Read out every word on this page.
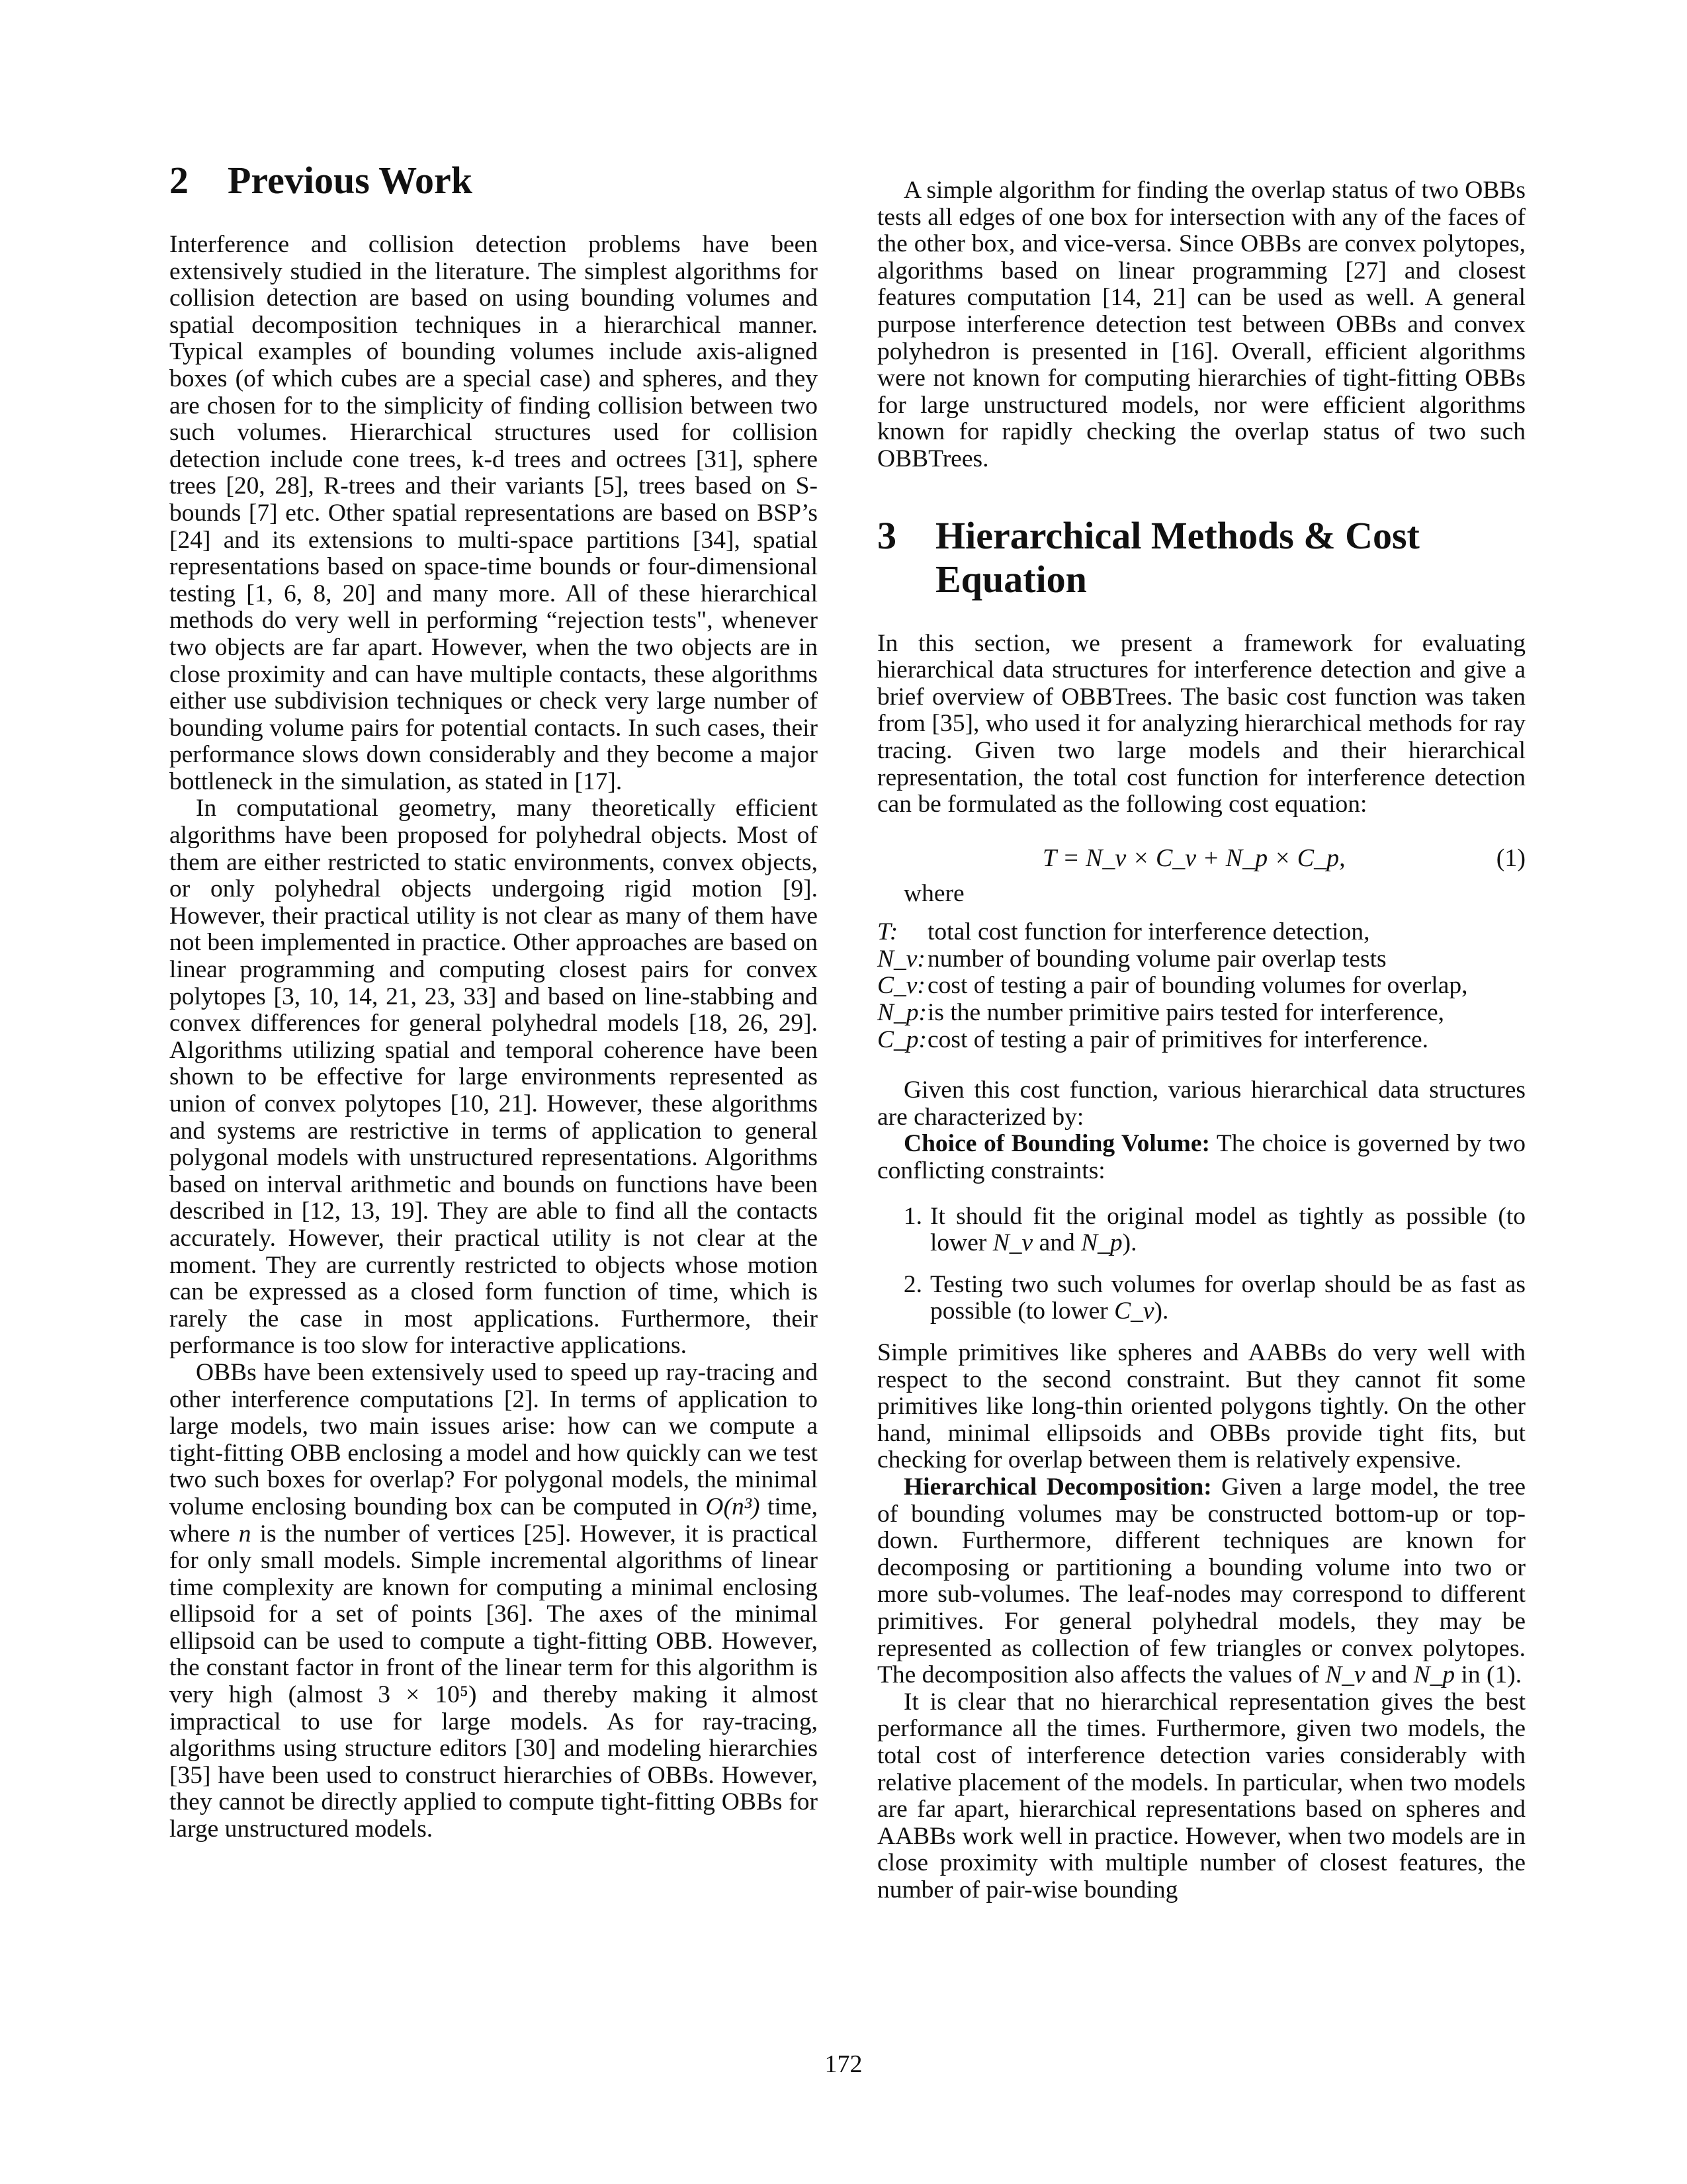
2	Previous Work

Interference and collision detection problems have been extensively studied in the literature. The simplest algorithms for collision detection are based on using bounding volumes and spatial decomposition techniques in a hierarchical manner. Typical examples of bounding volumes include axis-aligned boxes (of which cubes are a special case) and spheres, and they are chosen for to the simplicity of finding collision between two such volumes. Hierarchical structures used for collision detection include cone trees, k-d trees and octrees [31], sphere trees [20, 28], R-trees and their variants [5], trees based on S-bounds [7] etc. Other spatial representations are based on BSP’s [24] and its extensions to multi-space partitions [34], spatial representations based on space-time bounds or four-dimensional testing [1, 6, 8, 20] and many more. All of these hierarchical methods do very well in performing “rejection tests", whenever two objects are far apart. However, when the two objects are in close proximity and can have multiple contacts, these algorithms either use subdivision techniques or check very large number of bounding volume pairs for potential contacts. In such cases, their performance slows down considerably and they become a major bottleneck in the simulation, as stated in [17].

In computational geometry, many theoretically efficient algorithms have been proposed for polyhedral objects. Most of them are either restricted to static environments, convex objects, or only polyhedral objects undergoing rigid motion [9]. However, their practical utility is not clear as many of them have not been implemented in practice. Other approaches are based on linear programming and computing closest pairs for convex polytopes [3, 10, 14, 21, 23, 33] and based on line-stabbing and convex differences for general polyhedral models [18, 26, 29]. Algorithms utilizing spatial and temporal coherence have been shown to be effective for large environments represented as union of convex polytopes [10, 21]. However, these algorithms and systems are restrictive in terms of application to general polygonal models with unstructured representations. Algorithms based on interval arithmetic and bounds on functions have been described in [12, 13, 19]. They are able to find all the contacts accurately. However, their practical utility is not clear at the moment. They are currently restricted to objects whose motion can be expressed as a closed form function of time, which is rarely the case in most applications. Furthermore, their performance is too slow for interactive applications.

OBBs have been extensively used to speed up ray-tracing and other interference computations [2]. In terms of application to large models, two main issues arise: how can we compute a tight-fitting OBB enclosing a model and how quickly can we test two such boxes for overlap? For polygonal models, the minimal volume enclosing bounding box can be computed in O(n³) time, where n is the number of vertices [25]. However, it is practical for only small models. Simple incremental algorithms of linear time complexity are known for computing a minimal enclosing ellipsoid for a set of points [36]. The axes of the minimal ellipsoid can be used to compute a tight-fitting OBB. However, the constant factor in front of the linear term for this algorithm is very high (almost 3 × 10⁵) and thereby making it almost impractical to use for large models. As for ray-tracing, algorithms using structure editors [30] and modeling hierarchies [35] have been used to construct hierarchies of OBBs. However, they cannot be directly applied to compute tight-fitting OBBs for large unstructured models.

A simple algorithm for finding the overlap status of two OBBs tests all edges of one box for intersection with any of the faces of the other box, and vice-versa. Since OBBs are convex polytopes, algorithms based on linear programming [27] and closest features computation [14, 21] can be used as well. A general purpose interference detection test between OBBs and convex polyhedron is presented in [16]. Overall, efficient algorithms were not known for computing hierarchies of tight-fitting OBBs for large unstructured models, nor were efficient algorithms known for rapidly checking the overlap status of two such OBBTrees.

3	Hierarchical Methods & Cost Equation

In this section, we present a framework for evaluating hierarchical data structures for interference detection and give a brief overview of OBBTrees. The basic cost function was taken from [35], who used it for analyzing hierarchical methods for ray tracing. Given two large models and their hierarchical representation, the total cost function for interference detection can be formulated as the following cost equation:

T = N_v × C_v + N_p × C_p,	(1)

where

T:	total cost function for interference detection,
N_v: number of bounding volume pair overlap tests
C_v: cost of testing a pair of bounding volumes for overlap,
N_p: is the number primitive pairs tested for interference,
C_p: cost of testing a pair of primitives for interference.

Given this cost function, various hierarchical data structures are characterized by:

Choice of Bounding Volume: The choice is governed by two conflicting constraints:

1. It should fit the original model as tightly as possible (to lower N_v and N_p).
2. Testing two such volumes for overlap should be as fast as possible (to lower C_v).

Simple primitives like spheres and AABBs do very well with respect to the second constraint. But they cannot fit some primitives like long-thin oriented polygons tightly. On the other hand, minimal ellipsoids and OBBs provide tight fits, but checking for overlap between them is relatively expensive.

Hierarchical Decomposition: Given a large model, the tree of bounding volumes may be constructed bottom-up or top-down. Furthermore, different techniques are known for decomposing or partitioning a bounding volume into two or more sub-volumes. The leaf-nodes may correspond to different primitives. For general polyhedral models, they may be represented as collection of few triangles or convex polytopes. The decomposition also affects the values of N_v and N_p in (1).

It is clear that no hierarchical representation gives the best performance all the times. Furthermore, given two models, the total cost of interference detection varies considerably with relative placement of the models. In particular, when two models are far apart, hierarchical representations based on spheres and AABBs work well in practice. However, when two models are in close proximity with multiple number of closest features, the number of pair-wise bounding

172
